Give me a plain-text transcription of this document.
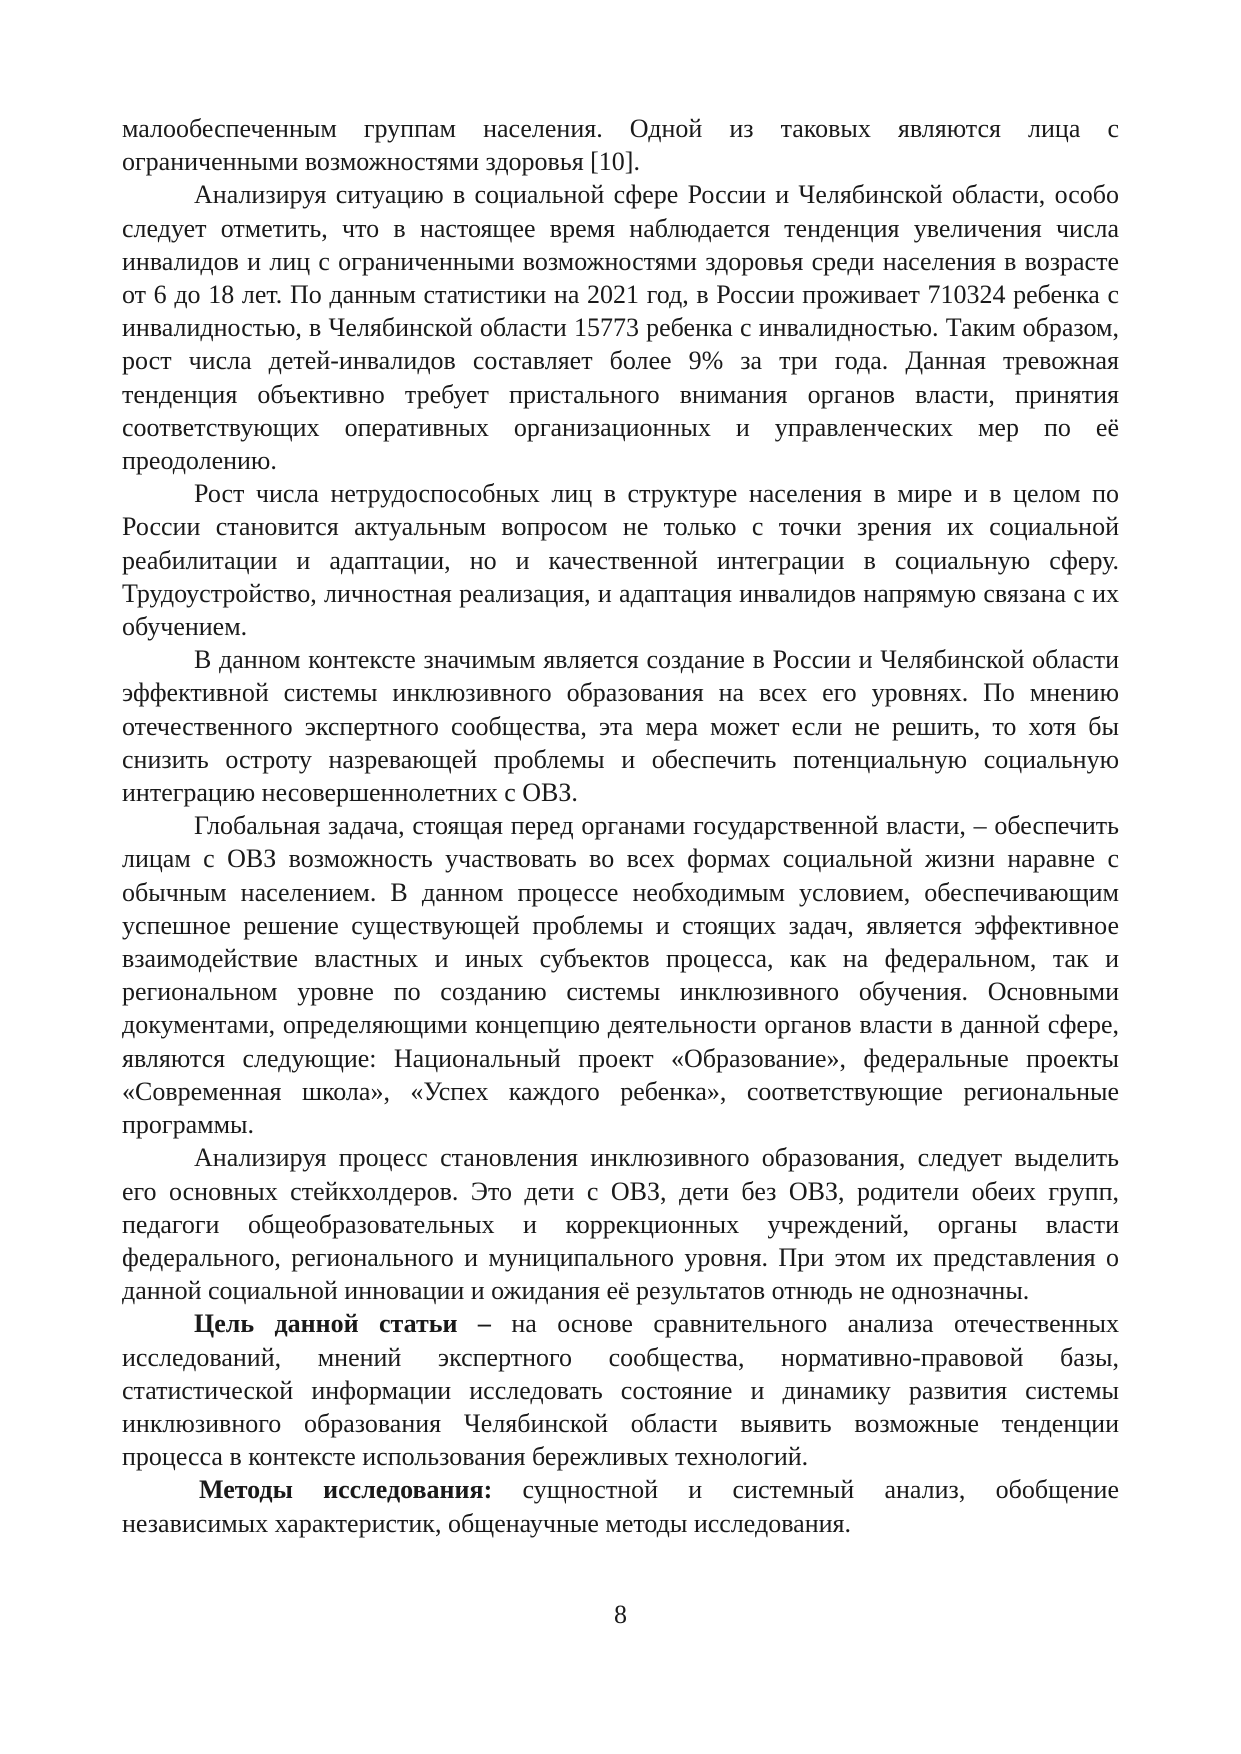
малообеспеченным группам населения. Одной из таковых являются лица с ограниченными возможностями здоровья [10].

Анализируя ситуацию в социальной сфере России и Челябинской области, особо следует отметить, что в настоящее время наблюдается тенденция увеличения числа инвалидов и лиц с ограниченными возможностями здоровья среди населения в возрасте от 6 до 18 лет. По данным статистики на 2021 год, в России проживает 710324 ребенка с инвалидностью, в Челябинской области 15773 ребенка с инвалидностью. Таким образом, рост числа детей-инвалидов составляет более 9% за три года. Данная тревожная тенденция объективно требует пристального внимания органов власти, принятия соответствующих оперативных организационных и управленческих мер по её преодолению.

Рост числа нетрудоспособных лиц в структуре населения в мире и в целом по России становится актуальным вопросом не только с точки зрения их социальной реабилитации и адаптации, но и качественной интеграции в социальную сферу. Трудоустройство, личностная реализация, и адаптация инвалидов напрямую связана с их обучением.

В данном контексте значимым является создание в России и Челябинской области эффективной системы инклюзивного образования на всех его уровнях. По мнению отечественного экспертного сообщества, эта мера может если не решить, то хотя бы снизить остроту назревающей проблемы и обеспечить потенциальную социальную интеграцию несовершеннолетних с ОВЗ.

Глобальная задача, стоящая перед органами государственной власти, – обеспечить лицам с ОВЗ возможность участвовать во всех формах социальной жизни наравне с обычным населением. В данном процессе необходимым условием, обеспечивающим успешное решение существующей проблемы и стоящих задач, является эффективное взаимодействие властных и иных субъектов процесса, как на федеральном, так и региональном уровне по созданию системы инклюзивного обучения. Основными документами, определяющими концепцию деятельности органов власти в данной сфере, являются следующие: Национальный проект «Образование», федеральные проекты «Современная школа», «Успех каждого ребенка», соответствующие региональные программы.

Анализируя процесс становления инклюзивного образования, следует выделить его основных стейкхолдеров. Это дети с ОВЗ, дети без ОВЗ, родители обеих групп, педагоги общеобразовательных и коррекционных учреждений, органы власти федерального, регионального и муниципального уровня. При этом их представления о данной социальной инновации и ожидания её результатов отнюдь не однозначны.

Цель данной статьи – на основе сравнительного анализа отечественных исследований, мнений экспертного сообщества, нормативно-правовой базы, статистической информации исследовать состояние и динамику развития системы инклюзивного образования Челябинской области выявить возможные тенденции процесса в контексте использования бережливых технологий.

Методы исследования: сущностной и системный анализ, обобщение независимых характеристик, общенаучные методы исследования.

8
